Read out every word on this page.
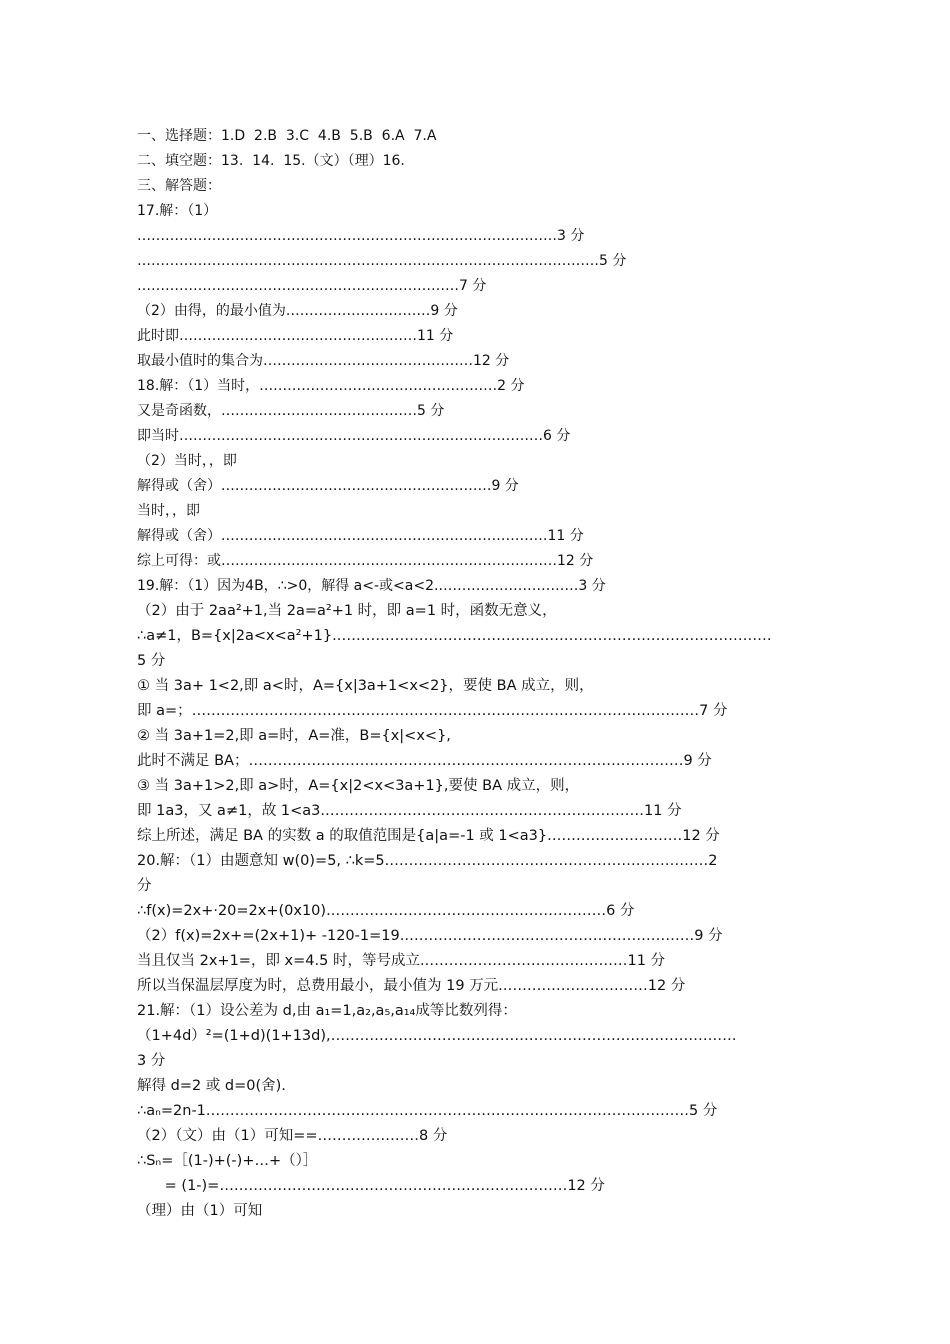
一、选择题：1.D  2.B  3.C  4.B  5.B  6.A  7.A
二、填空题：13.  14.  15.（文）（理）16.
三、解答题：
17.解：（1）
………………………………………………………………………………3 分
………………………………………………………………………………………5 分
……………………………………………………………7 分
（2）由得，的最小值为.…………………………9 分
此时即……………………………………………11 分
取最小值时的集合为………………………………………12 分
18.解：（1）当时，……………………………………………2 分
又是奇函数，……………………………………5 分
即当时……………………………………………………………………6 分
（2）当时，，即
解得或（舍）.…………………………………………………9 分
当时，，即
解得或（舍）.……………………………………………………………11 分
综上可得：或………………………………………………………………12 分
19.解：（1）因为4B，∴>0，解得 a<-或<a<2.…………………………3 分
（2）由于 2aa²+1,当 2a=a²+1 时，即 a=1 时，函数无意义，
∴a≠1，B={x|2a<x<a²+1}.………………………………………………………………………………
5 分
① 当 3a+ 1<2,即 a<时，A={x|3a+1<x<2}，要使 BA 成立，则，
即 a=；……………………………………………………………………………………………7 分
② 当 3a+1=2,即 a=时，A=准，B={x|<x<},
此时不满足 BA；………………………………………………………………………………9 分
③ 当 3a+1>2,即 a>时，A={x|2<x<3a+1},要使 BA 成立，则，
即 1a3，又 a≠1，故 1<a3.…………………………………………………………11 分
综上所述，满足 BA 的实数 a 的取值范围是{a|a=-1 或 1<a3}.………………………12 分
20.解：（1）由题意知 w(0)=5, ∴k=5.…………………………………………………………2
分
∴f(x)=2x+·20=2x+(0x10).…………………………………………………6 分
（2）f(x)=2x+=(2x+1)+ -120-1=19.……………………………………………………9 分
当且仅当 2x+1=，即 x=4.5 时，等号成立.……………………………………11 分
所以当保温层厚度为时，总费用最小，最小值为 19 万元.…………………………12 分
21.解：（1）设公差为 d,由 a₁=1,a₂,a₅,a₁₄成等比数列得：
（1+4d）²=(1+d)(1+13d),…………………………………………………………………………
3 分
解得 d=2 或 d=0(舍).
∴aₙ=2n-1.………………………………………………………………………………………5 分
（2）（文）由（1）可知==…………………8 分
∴Sₙ=［(1-)+(-)+…+（）］
= (1-)=………………………………………………………………12 分
（理）由（1）可知
